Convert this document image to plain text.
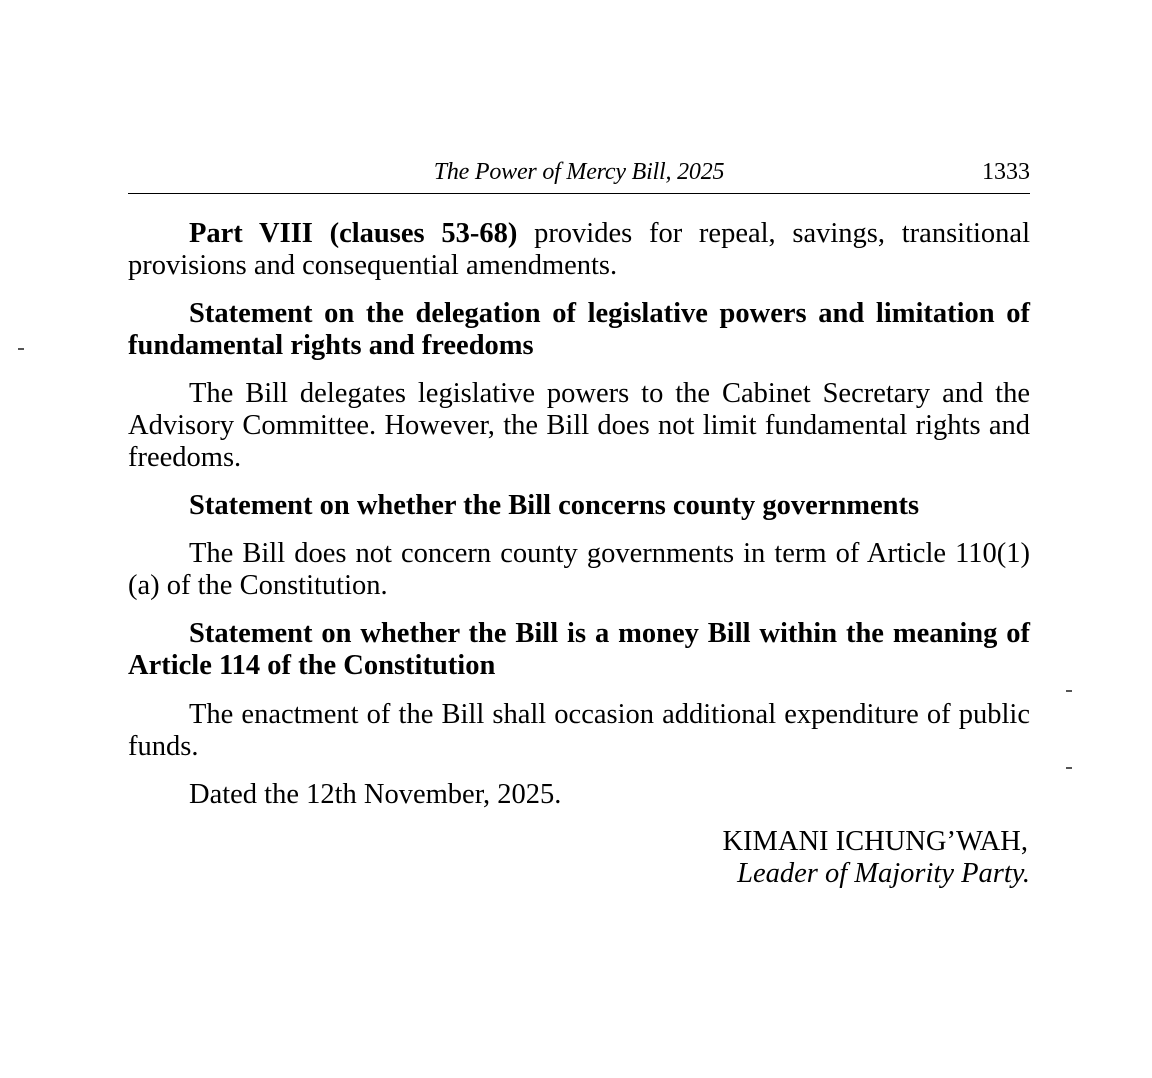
The Power of Mercy Bill, 2025	1333

Part VIII (clauses 53-68) provides for repeal, savings, transitional provisions and consequential amendments.

Statement on the delegation of legislative powers and limitation of fundamental rights and freedoms

The Bill delegates legislative powers to the Cabinet Secretary and the Advisory Committee. However, the Bill does not limit fundamental rights and freedoms.

Statement on whether the Bill concerns county governments

The Bill does not concern county governments in term of Article 110(1)(a) of the Constitution.

Statement on whether the Bill is a money Bill within the meaning of Article 114 of the Constitution

The enactment of the Bill shall occasion additional expenditure of public funds.

Dated the 12th November, 2025.

KIMANI ICHUNG’WAH,
Leader of Majority Party.
